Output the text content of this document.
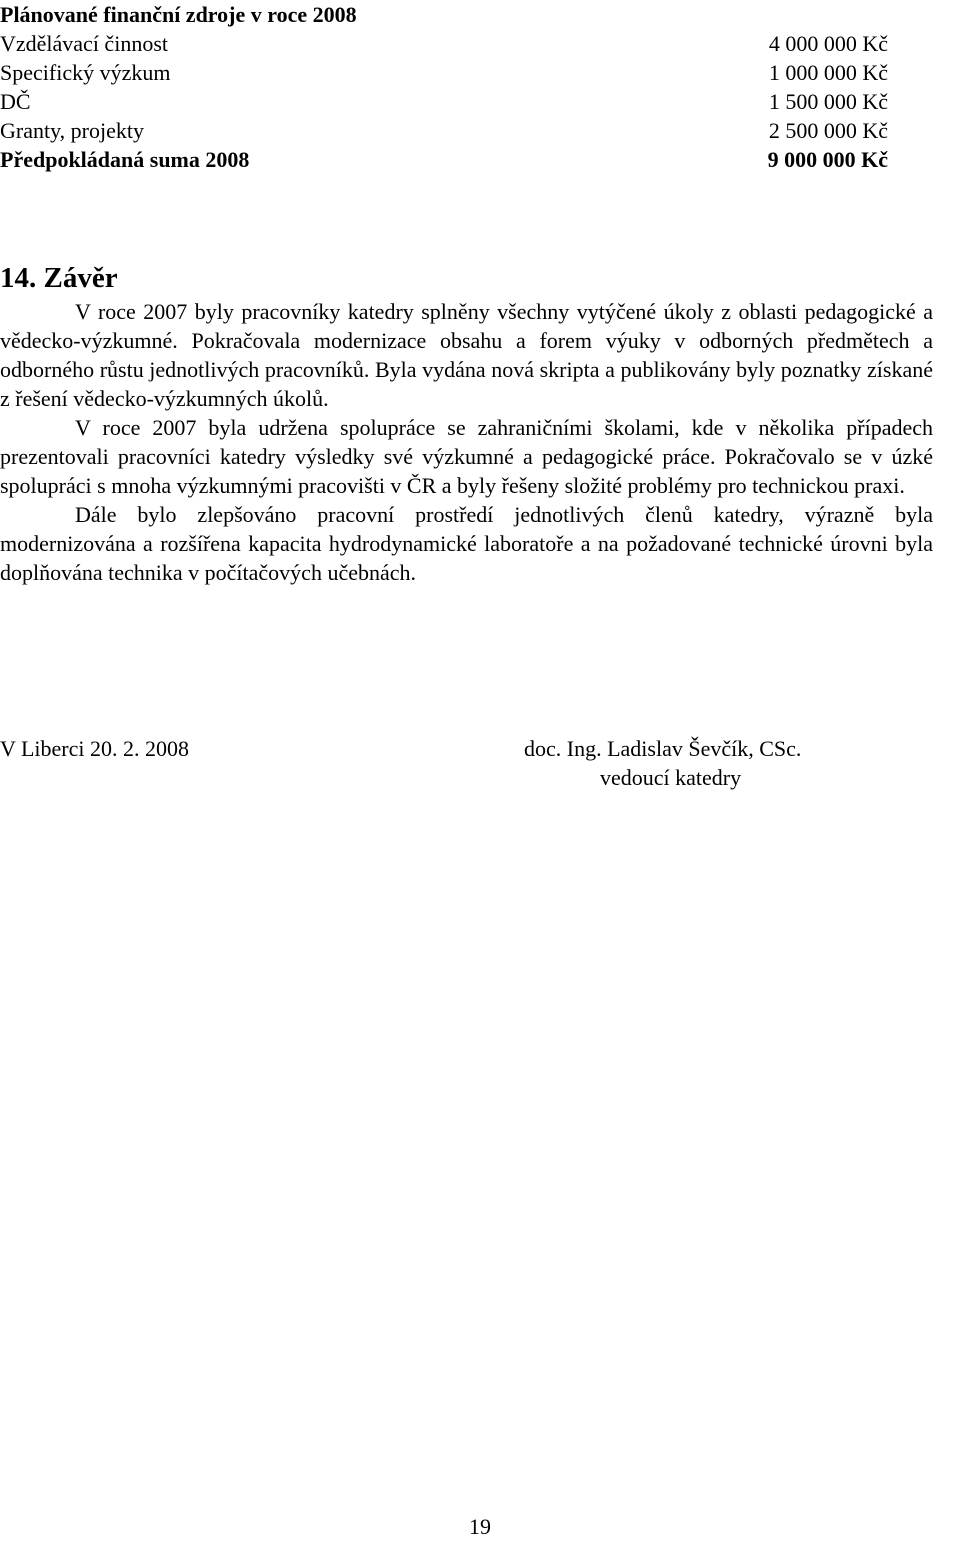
Plánované finanční zdroje v roce 2008
Vzdělávací činnost	4 000 000 Kč
Specifický výzkum	1 000 000 Kč
DČ	1 500 000 Kč
Granty, projekty	2 500 000 Kč
Předpokládaná suma 2008	9 000 000 Kč
14. Závěr

V roce 2007 byly pracovníky katedry splněny všechny vytýčené úkoly z oblasti pedagogické a vědecko-výzkumné. Pokračovala modernizace obsahu a forem výuky v odborných předmětech a odborného růstu jednotlivých pracovníků. Byla vydána nová skripta a publikovány byly poznatky získané z řešení vědecko-výzkumných úkolů.

V roce 2007 byla udržena spolupráce se zahraničními školami, kde v několika případech prezentovali pracovníci katedry výsledky své výzkumné a pedagogické práce. Pokračovalo se v úzké spolupráci s mnoha výzkumnými pracovišti v ČR a byly řešeny složité problémy pro technickou praxi.

Dále bylo zlepšováno pracovní prostředí jednotlivých členů katedry, výrazně byla modernizována a rozšířena kapacita hydrodynamické laboratoře a na požadované technické úrovni byla doplňována technika v počítačových učebnách.

V Liberci 20. 2. 2008	doc. Ing. Ladislav Ševčík, CSc.
vedoucí katedry
19
